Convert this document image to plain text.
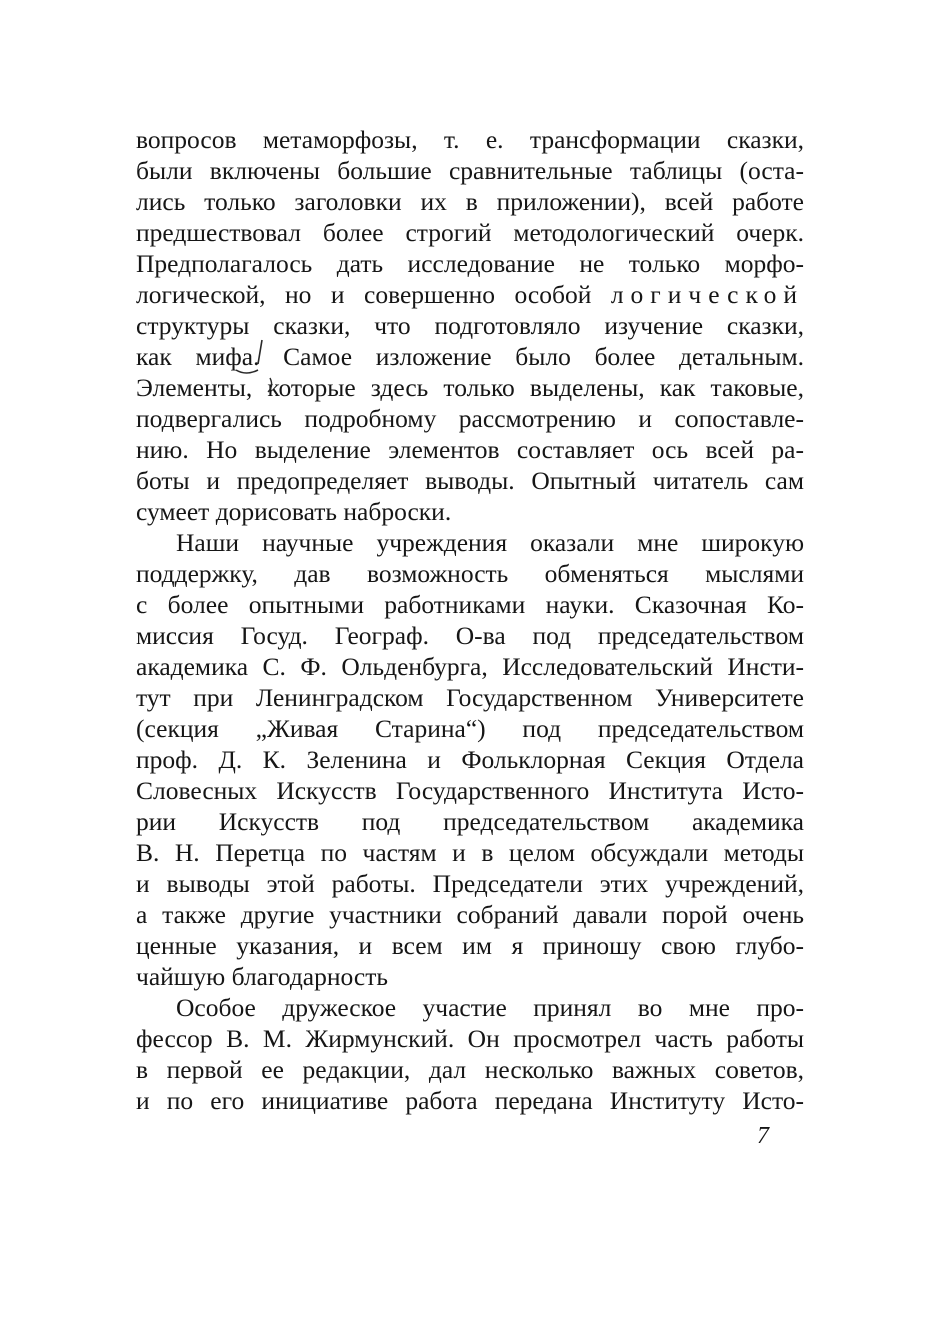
вопросов метаморфозы, т. е. трансформации сказки,
были включены большие сравнительные таблицы (оста-
лись только заголовки их в приложении), всей работе
предшествовал более строгий методологический очерк.
Предполагалось дать исследование не только морфо-
логической, но и совершенно особой логической
структуры сказки, что подготовляло изучение сказки,
как мифа. Самое изложение было более детальным.
Элементы, которые здесь только выделены, как таковые,
подвергались подробному рассмотрению и сопоставле-
нию. Но выделение элементов составляет ось всей ра-
боты и предопределяет выводы. Опытный читатель сам
сумеет дорисовать наброски.
Наши научные учреждения оказали мне широкую
поддержку, дав возможность обменяться мыслями
с более опытными работниками науки. Сказочная Ко-
миссия Госуд. Географ. О-ва под председательством
академика С. Ф. Ольденбурга, Исследовательский Инсти-
тут при Ленинградском Государственном Университете
(секция „Живая Старина“) под председательством
проф. Д. К. Зеленина и Фольклорная Секция Отдела
Словесных Искусств Государственного Института Исто-
рии Искусств под председательством академика
В. Н. Перетца по частям и в целом обсуждали методы
и выводы этой работы. Председатели этих учреждений,
а также другие участники собраний давали порой очень
ценные указания, и всем им я приношу свою глубо-
чайшую благодарность
Особое дружеское участие принял во мне про-
фессор В. М. Жирмунский. Он просмотрел часть работы
в первой ее редакции, дал несколько важных советов,
и по его инициативе работа передана Институту Исто-
7
